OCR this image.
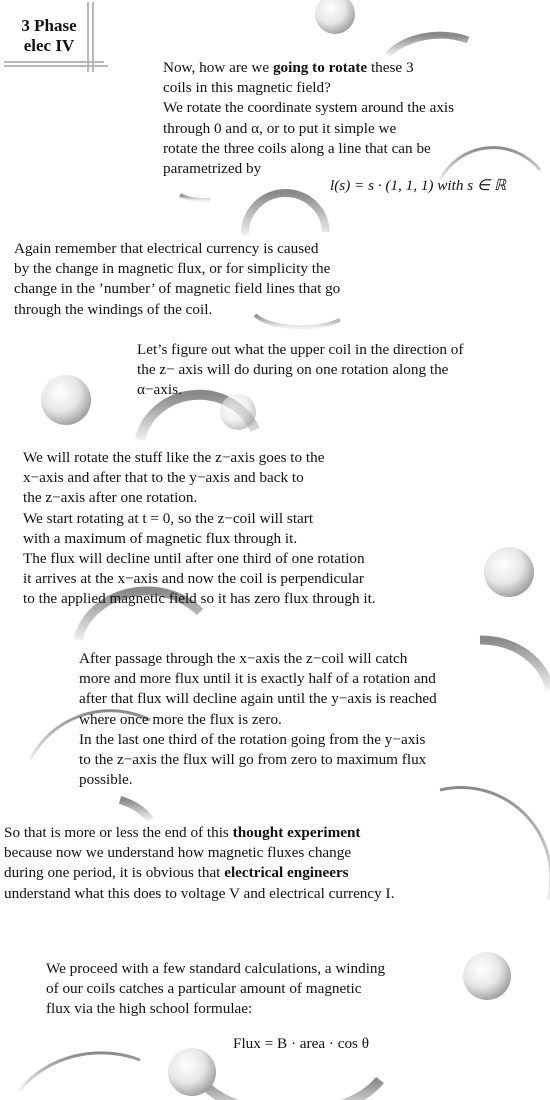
3 Phase
elec IV

Now, how are we going to rotate these 3

coils in this magnetic field?

We rotate the coordinate system around the axis

through 0 and α, or to put it simple we

rotate the three coils along a line that can be

parametrized by

l(s) = s · (1, 1, 1) with s ∈ ℝ

Again remember that electrical currency is caused

by the change in magnetic flux, or for simplicity the

change in the ’number’ of magnetic field lines that go

through the windings of the coil.

Let’s figure out what the upper coil in the direction of

the z− axis will do during on one rotation along the

α−axis.

We will rotate the stuff like the z−axis goes to the

x−axis and after that to the y−axis and back to

the z−axis after one rotation.

We start rotating at t = 0, so the z−coil will start

with a maximum of magnetic flux through it.

The flux will decline until after one third of one rotation

it arrives at the x−axis and now the coil is perpendicular

to the applied magnetic field so it has zero flux through it.

After passage through the x−axis the z−coil will catch

more and more flux until it is exactly half of a rotation and

after that flux will decline again until the y−axis is reached

where once more the flux is zero.

In the last one third of the rotation going from the y−axis

to the z−axis the flux will go from zero to maximum flux

possible.

So that is more or less the end of this thought experiment

because now we understand how magnetic fluxes change

during one period, it is obvious that electrical engineers

understand what this does to voltage V and electrical currency I.

We proceed with a few standard calculations, a winding

of our coils catches a particular amount of magnetic

flux via the high school formulae:

Flux = B · area · cos θ
